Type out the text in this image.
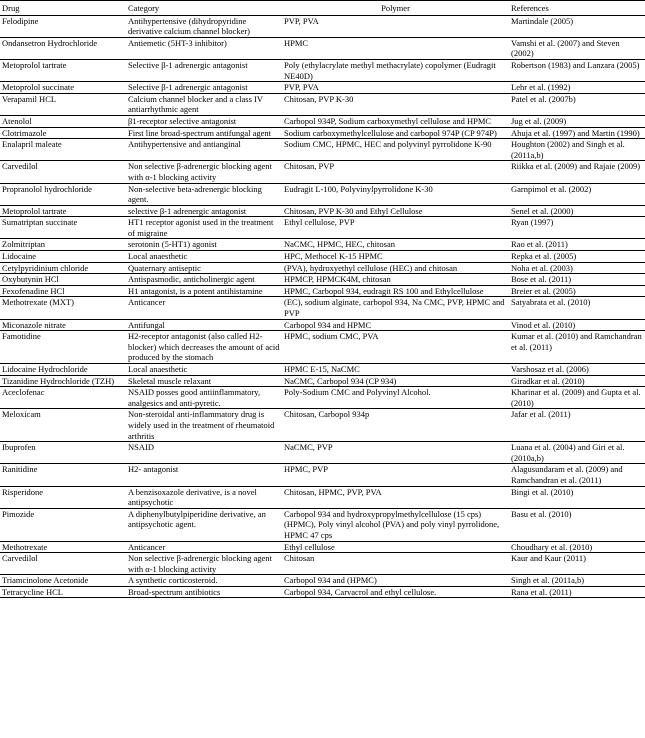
Drug	Category	Polymer	References
Felodipine	Antihypertensive (dihydropyridine derivative calcium channel blocker)	PVP, PVA	Martindale (2005)
Ondansetron Hydrochloride	Antiemetic (5HT-3 inhibitor)	HPMC	Vamshi et al. (2007) and Steven (2002)
Metoprolol tartrate	Selective β-1 adrenergic antagonist	Poly (ethylacrylate methyl methacrylate) copolymer (Eudragit NE40D)	Robertson (1983) and Lanzara (2005)
Metoprolol succinate	Selective β-1 adrenergic antagonist	PVP, PVA	Lehr et al. (1992)
Verapamil HCL	Calcium channel blocker and a class IV antiarrhythmic agent	Chitosan, PVP K-30	Patel et al. (2007b)
Atenolol	β1-receptor selective antagonist	Carbopol 934P, Sodium carboxymethyl cellulose and HPMC	Jug et al. (2009)
Clotrimazole	First line broad-spectrum antifungal agent	Sodium carboxymethylcellulose and carbopol 974P (CP 974P)	Ahuja et al. (1997) and Martin (1990)
Enalapril maleate	Antihypertensive and antianginal	Sodium CMC, HPMC, HEC and polyvinyl pyrrolidone K-90	Houghton (2002) and Singh et al. (2011a,b)
Carvedilol	Non selective β-adrenergic blocking agent with α-1 blocking activity	Chitosan, PVP	Riikka et al. (2009) and Rajaie (2009)
Propranolol hydrochloride	Non-selective beta-adrenergic blocking agent.	Eudragit L-100, Polyvinylpyrrolidone K-30	Garnpimol et al. (2002)
Metoprolol tartrate	selective β-1 adrenergic antagonist	Chitosan, PVP K-30 and Ethyl Cellulose	Senel et al. (2000)
Sumatriptan succinate	HT1 receptor agonist used in the treatment of migraine	Ethyl cellulose, PVP	Ryan (1997)
Zolmitriptan	serotonin (5-HT1) agonist	NaCMC, HPMC, HEC, chitosan	Rao et al. (2011)
Lidocaine	Local anaesthetic	HPC, Methocel K-15 HPMC	Repka et al. (2005)
Cetylpyridinium chloride	Quaternary antiseptic	(PVA), hydroxyethyl cellulose (HEC) and chitosan	Noha et al. (2003)
Oxybutynin HCl	Antispasmodic, anticholinergic agent	HPMCP, HPMCK4M, chitosan	Bose et al. (2011)
Fexofenadine HCl	H1 antagonist, is a potent antihistamine	HPMC, Carbopol 934, eudragit RS 100 and Ethylcellulose	Breier et al. (2005)
Methotrexate (MXT)	Anticancer	(EC), sodium alginate, carbopol 934, Na CMC, PVP, HPMC and PVP	Satyabrata et al. (2010)
Miconazole nitrate	Antifungal	Carbopol 934 and HPMC	Vinod et al. (2010)
Famotidine	H2-receptor antagonist (also called H2-blocker) which decreases the amount of acid produced by the stomach	HPMC, sodium CMC, PVA	Kumar et al. (2010) and Ramchandran et al. (2011)
Lidocaine Hydrochloride	Local anaesthetic	HPMC E-15, NaCMC	Varshosaz et al. (2006)
Tizanidine Hydrochloride (TZH)	Skeletal muscle relaxant	NaCMC, Carbopol 934 (CP 934)	Giradkar et al. (2010)
Aceclofenac	NSAID posses good antiinflammatory, analgesics and anti-pyretic.	Poly-Sodium CMC and Polyvinyl Alcohol.	Kharinar et al. (2009) and Gupta et al. (2010)
Meloxicam	Non-steroidal anti-inflammatory drug is widely used in the treatment of rheumatoid arthritis	Chitosan, Carbopol 934p	Jafar et al. (2011)
Ibuprofen	NSAID	NaCMC, PVP	Luana et al. (2004) and Giri et al. (2010a,b)
Ranitidine	H2- antagonist	HPMC, PVP	Alagusundaram et al. (2009) and Ramchandran et al. (2011)
Risperidone	A benzisoxazole derivative, is a novel antipsychotic	Chitosan, HPMC, PVP, PVA	Bingi et al. (2010)
Pimozide	A diphenylbutylpiperidine derivative, an antipsychotic agent.	Carbopol 934 and hydroxypropylmethylcellulose (15 cps) (HPMC), Poly vinyl alcohol (PVA) and poly vinyl pyrrolidone, HPMC 47 cps	Basu et al. (2010)
Methotrexate	Anticancer	Ethyl cellulose	Choudhary et al. (2010)
Carvedilol	Non selective β-adrenergic blocking agent with α-1 blocking activity	Chitosan	Kaur and Kaur (2011)
Triamcinolone Acetonide	A synthetic corticosteroid.	Carbopol 934 and (HPMC)	Singh et al. (2011a,b)
Tetracycline HCL	Broad-spectrum antibiotics	Carbopol 934, Carvacrol and ethyl cellulose.	Rana et al. (2011)
